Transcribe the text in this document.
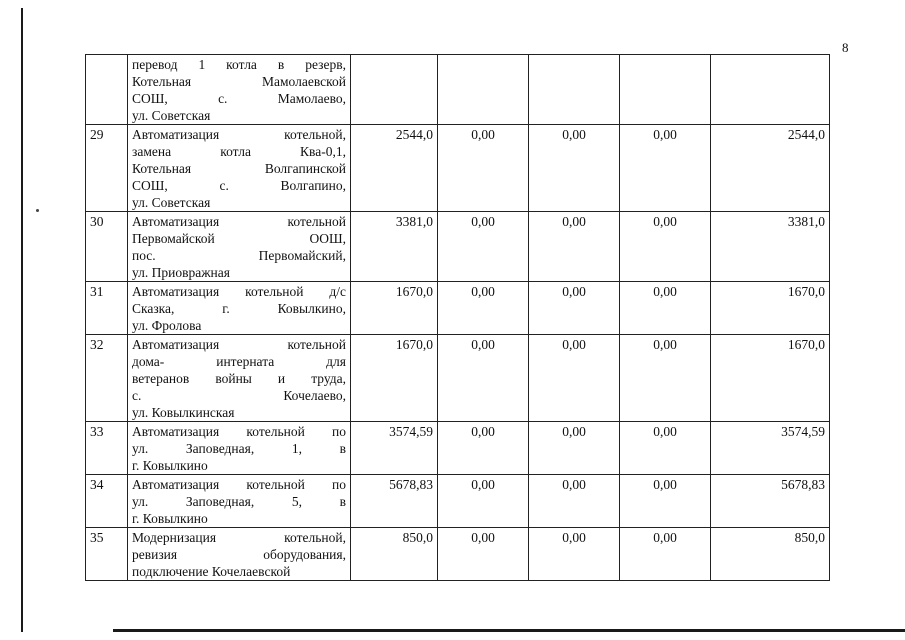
8

	перевод 1 котла в резерв,
Котельная Мамолаевской
СОШ, с. Мамолаево,
ул. Советская					

29	Автоматизация котельной,
замена котла Ква-0,1,
Котельная Волгапинской
СОШ, с. Волгапино,
ул. Советская	2544,0	0,00	0,00	0,00	2544,0
30	Автоматизация котельной
Первомайской ООШ,
пос. Первомайский,
ул. Приовражная	3381,0	0,00	0,00	0,00	3381,0
31	Автоматизация котельной д/с
Сказка, г. Ковылкино,
ул. Фролова	1670,0	0,00	0,00	0,00	1670,0
32	Автоматизация котельной
дома- интерната для
ветеранов войны и труда,
с. Кочелаево,
ул. Ковылкинская	1670,0	0,00	0,00	0,00	1670,0
33	Автоматизация котельной по
ул. Заповедная, 1, в
г. Ковылкино	3574,59	0,00	0,00	0,00	3574,59
34	Автоматизация котельной по
ул. Заповедная, 5, в
г. Ковылкино	5678,83	0,00	0,00	0,00	5678,83
35	Модернизация котельной,
ревизия оборудования,
подключение Кочелаевской	850,0	0,00	0,00	0,00	850,0
